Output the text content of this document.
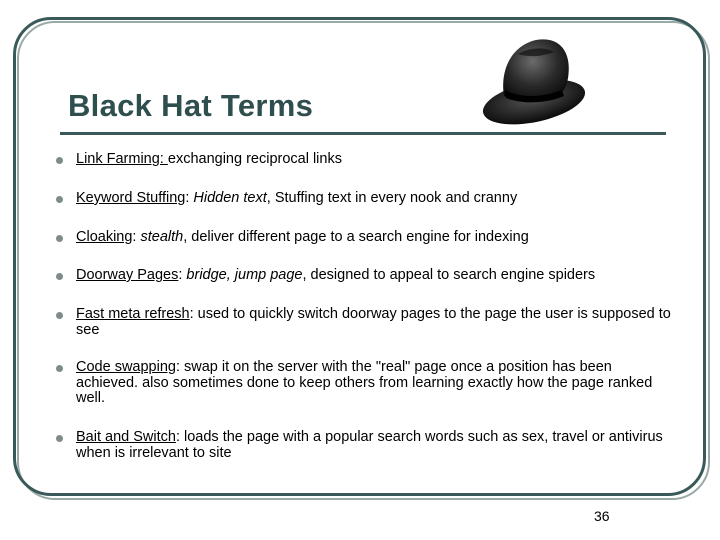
Black Hat Terms
Link Farming: exchanging reciprocal links
Keyword Stuffing: Hidden text, Stuffing text in every nook and cranny
Cloaking: stealth, deliver different page to a search engine for indexing
Doorway Pages: bridge, jump page, designed to appeal to search engine spiders
Fast meta refresh: used to quickly switch doorway pages to the page the user is supposed to see
Code swapping: swap it on the server with the "real" page once a position has been achieved. also sometimes done to keep others from learning exactly how the page ranked well.
Bait and Switch: loads the page with a popular search words such as sex, travel or antivirus when is irrelevant to site
36
